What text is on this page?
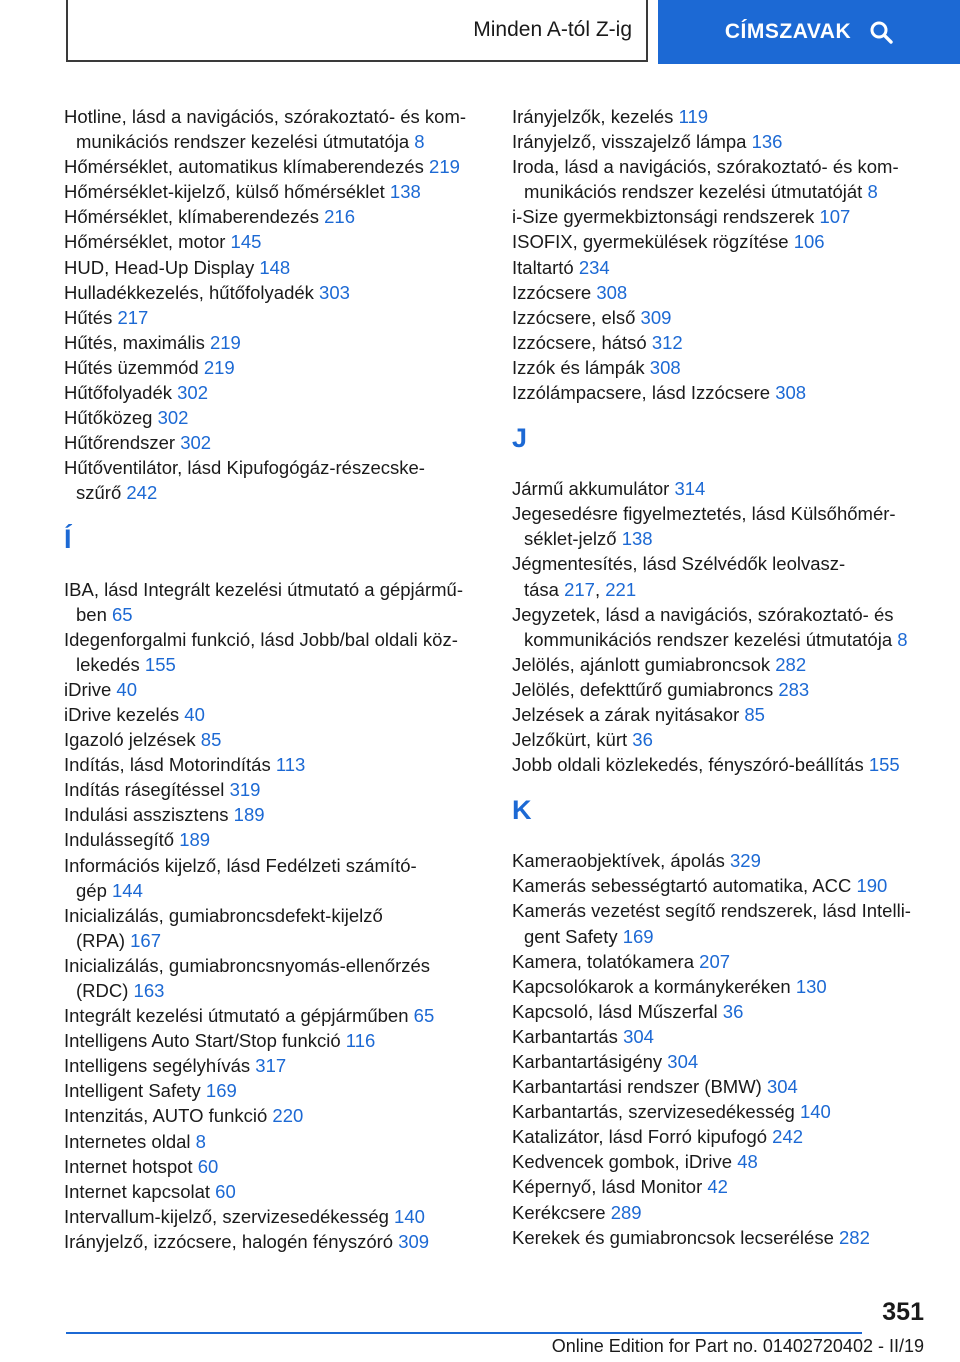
Minden A-tól Z-ig	CÍMSZAVAK
Hotline, lásd a navigációs, szórakoztató- és kom-
munikációs rendszer kezelési útmutatója 8
Hőmérséklet, automatikus klímaberendezés 219
Hőmérséklet-kijelző, külső hőmérséklet 138
Hőmérséklet, klímaberendezés 216
Hőmérséklet, motor 145
HUD, Head-Up Display 148
Hulladékkezelés, hűtőfolyadék 303
Hűtés 217
Hűtés, maximális 219
Hűtés üzemmód 219
Hűtőfolyadék 302
Hűtőközeg 302
Hűtőrendszer 302
Hűtőventilátor, lásd Kipufogógáz-részecske-
szűrő 242
Í
IBA, lásd Integrált kezelési útmutató a gépjármű-
ben 65
Idegenforgalmi funkció, lásd Jobb/bal oldali köz-
lekedés 155
iDrive 40
iDrive kezelés 40
Igazoló jelzések 85
Indítás, lásd Motorindítás 113
Indítás rásegítéssel 319
Indulási asszisztens 189
Indulássegítő 189
Információs kijelző, lásd Fedélzeti számító-
gép 144
Inicializálás, gumiabroncsdefekt-kijelző
(RPA) 167
Inicializálás, gumiabroncsnyomás-ellenőrzés
(RDC) 163
Integrált kezelési útmutató a gépjárműben 65
Intelligens Auto Start/Stop funkció 116
Intelligens segélyhívás 317
Intelligent Safety 169
Intenzitás, AUTO funkció 220
Internetes oldal 8
Internet hotspot 60
Internet kapcsolat 60
Intervallum-kijelző, szervizesedékesség 140
Irányjelző, izzócsere, halogén fényszóró 309
Irányjelzők, kezelés 119
Irányjelző, visszajelző lámpa 136
Iroda, lásd a navigációs, szórakoztató- és kom-
munikációs rendszer kezelési útmutatóját 8
i-Size gyermekbiztonsági rendszerek 107
ISOFIX, gyermekülések rögzítése 106
Italtartó 234
Izzócsere 308
Izzócsere, első 309
Izzócsere, hátsó 312
Izzók és lámpák 308
Izzólámpacsere, lásd Izzócsere 308
J
Jármű akkumulátor 314
Jegesedésre figyelmeztetés, lásd Külsőhőmér-
séklet-jelző 138
Jégmentesítés, lásd Szélvédők leolvasz-
tása 217, 221
Jegyzetek, lásd a navigációs, szórakoztató- és
kommunikációs rendszer kezelési útmutatója 8
Jelölés, ajánlott gumiabroncsok 282
Jelölés, defekttűrő gumiabroncs 283
Jelzések a zárak nyitásakor 85
Jelzőkürt, kürt 36
Jobb oldali közlekedés, fényszóró-beállítás 155
K
Kameraobjektívek, ápolás 329
Kamerás sebességtartó automatika, ACC 190
Kamerás vezetést segítő rendszerek, lásd Intelli-
gent Safety 169
Kamera, tolatókamera 207
Kapcsolókarok a kormánykeréken 130
Kapcsoló, lásd Műszerfal 36
Karbantartás 304
Karbantartásigény 304
Karbantartási rendszer (BMW) 304
Karbantartás, szervizesedékesség 140
Katalizátor, lásd Forró kipufogó 242
Kedvencek gombok, iDrive 48
Képernyő, lásd Monitor 42
Kerékcsere 289
Kerekek és gumiabroncsok lecserélése 282
351
Online Edition for Part no. 01402720402 - II/19
